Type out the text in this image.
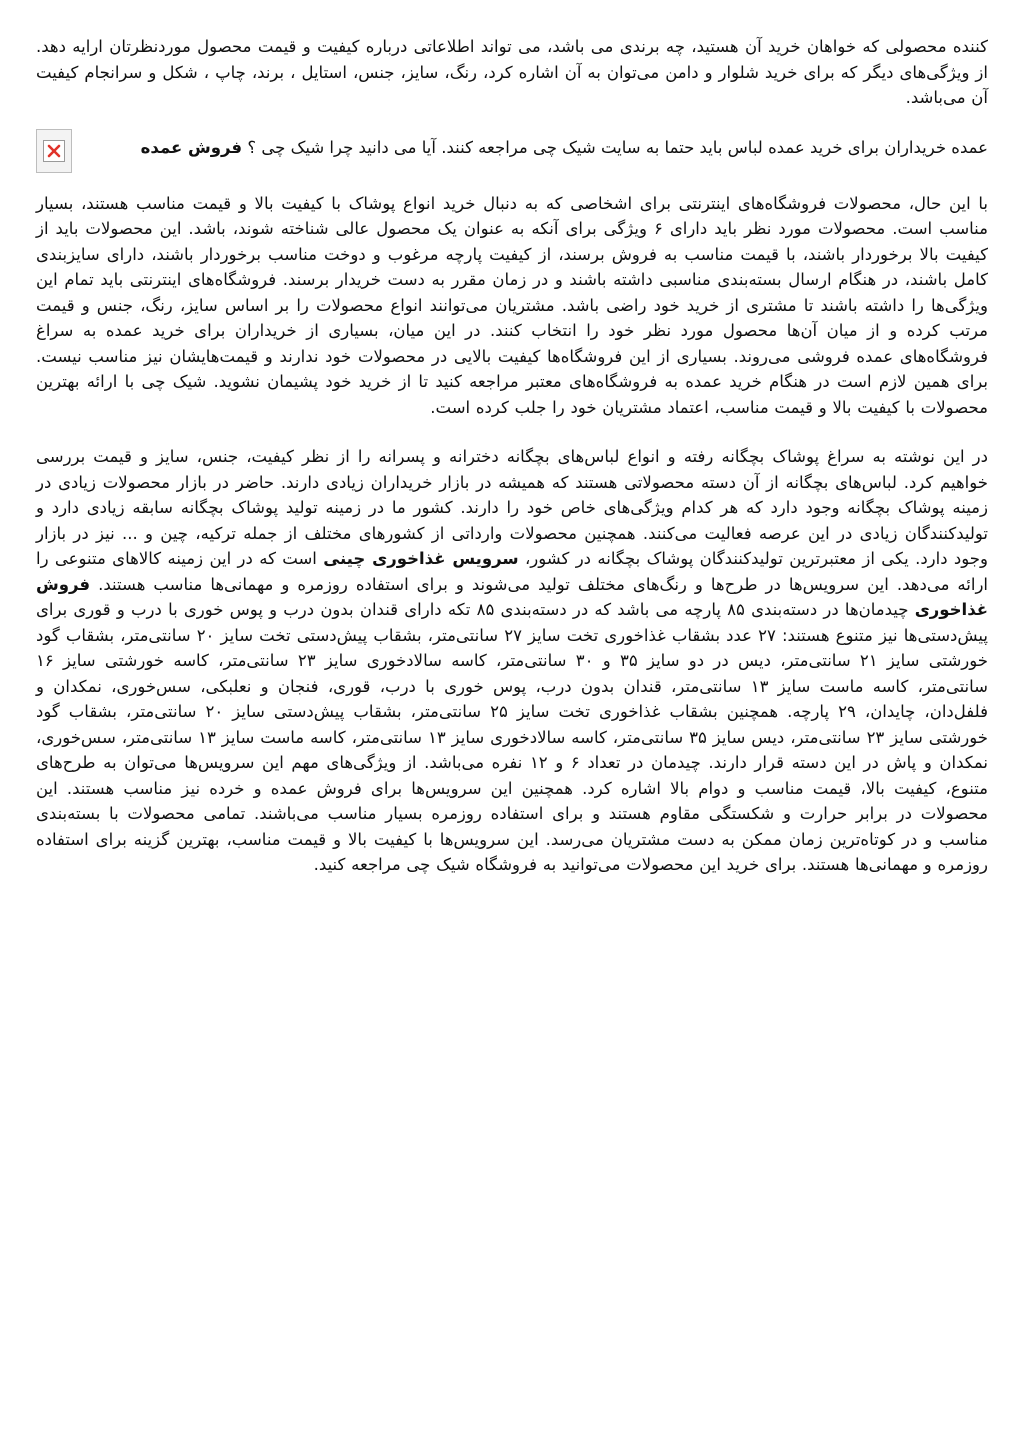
کننده محصولی که خواهان خرید آن هستید، چه برندی می باشد، می تواند اطلاعاتی درباره کیفیت و قیمت محصول موردنظرتان ارایه دهد. از ویژگی‌های دیگر که برای خرید شلوار و دامن می‌توان به آن اشاره کرد، رنگ، سایز، جنس، استایل ، برند، چاپ ، شکل و سرانجام کیفیت آن می‌باشد.

عمده خریداران برای خرید عمده لباس باید حتما به سایت شیک چی مراجعه کنند. آیا می دانید چرا شیک چی ؟ فروش عمده

با این حال، محصولات فروشگاه‌های اینترنتی برای اشخاصی که به دنبال خرید انواع پوشاک با کیفیت بالا و قیمت مناسب هستند، بسیار مناسب است. محصولات مورد نظر باید دارای ۶ ویژگی برای آنکه به عنوان یک محصول عالی شناخته شوند، باشد. این محصولات باید از کیفیت بالا برخوردار باشند، با قیمت مناسب به فروش برسند، از کیفیت پارچه مرغوب و دوخت مناسب برخوردار باشند، دارای سایزبندی کامل باشند، در هنگام ارسال بسته‌بندی مناسبی داشته باشند و در زمان مقرر به دست خریدار برسند. فروشگاه‌های اینترنتی باید تمام این ویژگی‌ها را داشته باشند تا مشتری از خرید خود راضی باشد. مشتریان می‌توانند انواع محصولات را بر اساس سایز، رنگ، جنس و قیمت مرتب کرده و از میان آن‌ها محصول مورد نظر خود را انتخاب کنند. در این میان، بسیاری از خریداران برای خرید عمده به سراغ فروشگاه‌های عمده فروشی می‌روند. بسیاری از این فروشگاه‌ها کیفیت بالایی در محصولات خود ندارند و قیمت‌هایشان نیز مناسب نیست. برای همین لازم است در هنگام خرید عمده به فروشگاه‌های معتبر مراجعه کنید تا از خرید خود پشیمان نشوید. شیک چی با ارائه بهترین محصولات با کیفیت بالا و قیمت مناسب، اعتماد مشتریان خود را جلب کرده است.

در این نوشته به سراغ پوشاک بچگانه رفته و انواع لباس‌های بچگانه دخترانه و پسرانه را از نظر کیفیت، جنس، سایز و قیمت بررسی خواهیم کرد. لباس‌های بچگانه از آن دسته محصولاتی هستند که همیشه در بازار خریداران زیادی دارند. حاضر در بازار محصولات زیادی در زمینه پوشاک بچگانه وجود دارد که هر کدام ویژگی‌های خاص خود را دارند. کشور ما در زمینه تولید پوشاک بچگانه سابقه زیادی دارد و تولیدکنندگان زیادی در این عرصه فعالیت می‌کنند. همچنین محصولات وارداتی از کشورهای مختلف از جمله ترکیه، چین و ... نیز در بازار وجود دارد. یکی از معتبرترین تولیدکنندگان پوشاک بچگانه در کشور، سرویس غذاخوری چینی است که در این زمینه کالاهای متنوعی را ارائه می‌دهد. این سرویس‌ها در طرح‌ها و رنگ‌های مختلف تولید می‌شوند و برای استفاده روزمره و مهمانی‌ها مناسب هستند. فروش غذاخوری چیدمان‌ها در دسته‌بندی ۸۵ پارچه می باشد که در دسته‌بندی ۸۵ تکه دارای قندان بدون درب و پوس خوری با درب و قوری برای پیش‌دستی‌ها نیز متنوع هستند: ۲۷ عدد بشقاب غذاخوری تخت سایز ۲۷ سانتی‌متر، بشقاب پیش‌دستی تخت سایز ۲۰ سانتی‌متر، بشقاب گود خورشتی سایز ۲۱ سانتی‌متر، دیس در دو سایز ۳۵ و ۳۰ سانتی‌متر، کاسه سالادخوری سایز ۲۳ سانتی‌متر، کاسه خورشتی سایز ۱۶ سانتی‌متر، کاسه ماست سایز ۱۳ سانتی‌متر، قندان بدون درب، پوس خوری با درب، قوری، فنجان و نعلبکی، سس‌خوری، نمکدان و فلفل‌دان، چایدان، ۲۹ پارچه. همچنین بشقاب غذاخوری تخت سایز ۲۵ سانتی‌متر، بشقاب پیش‌دستی سایز ۲۰ سانتی‌متر، بشقاب گود خورشتی سایز ۲۳ سانتی‌متر، دیس سایز ۳۵ سانتی‌متر، کاسه سالادخوری سایز ۱۳ سانتی‌متر، کاسه ماست سایز ۱۳ سانتی‌متر، سس‌خوری، نمکدان و پاش در این دسته قرار دارند. چیدمان در تعداد ۶ و ۱۲ نفره می‌باشد. از ویژگی‌های مهم این سرویس‌ها می‌توان به طرح‌های متنوع، کیفیت بالا، قیمت مناسب و دوام بالا اشاره کرد. همچنین این سرویس‌ها برای فروش عمده و خرده نیز مناسب هستند. این محصولات در برابر حرارت و شکستگی مقاوم هستند و برای استفاده روزمره بسیار مناسب می‌باشند. تمامی محصولات با بسته‌بندی مناسب و در کوتاه‌ترین زمان ممکن به دست مشتریان می‌رسد. این سرویس‌ها با کیفیت بالا و قیمت مناسب، بهترین گزینه برای استفاده روزمره و مهمانی‌ها هستند. برای خرید این محصولات می‌توانید به فروشگاه شیک چی مراجعه کنید.
